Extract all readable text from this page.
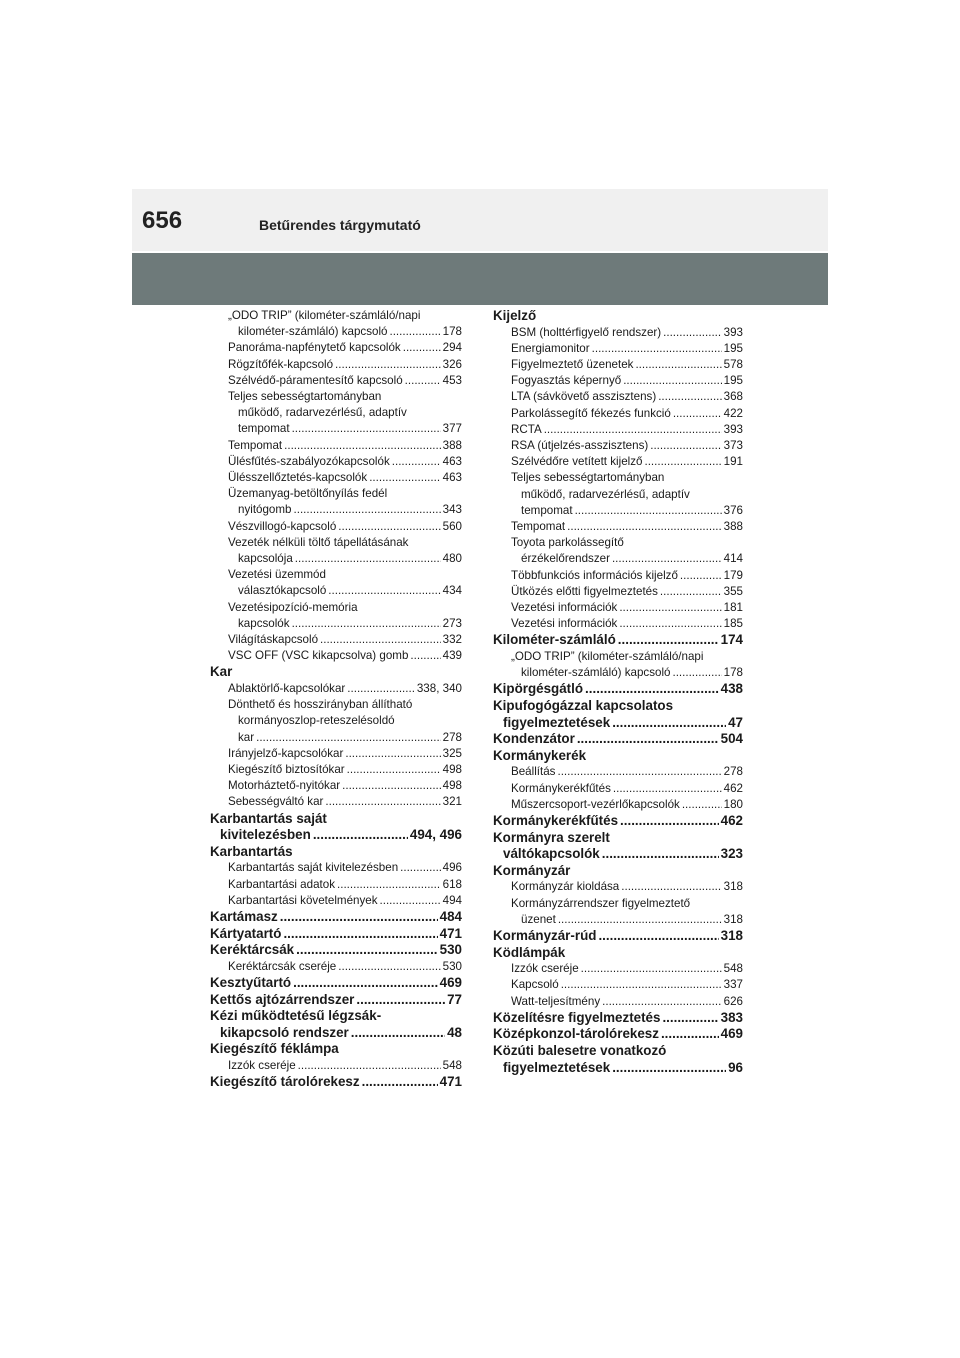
656	Betűrendes tárgymutató
„ODO TRIP” (kilométer-számláló/napi
kilométer-számláló) kapcsoló .....	178
Panoráma-napfénytető kapcsolók .....	294
Rögzítőfék-kapcsoló .....	326
Szélvédő-páramentesítő kapcsoló .....	453
Teljes sebességtartományban
működő, radarvezérlésű, adaptív
tempomat .....	377
Tempomat .....	388
Ülésfűtés-szabályozókapcsolók .....	463
Ülésszellőztetés-kapcsolók .....	463
Üzemanyag-betöltőnyílás fedél
nyitógomb .....	343
Vészvillogó-kapcsoló .....	560
Vezeték nélküli töltő tápellátásának
kapcsolója .....	480
Vezetési üzemmód
választókapcsoló .....	434
Vezetésipozíció-memória
kapcsolók .....	273
Világításkapcsoló .....	332
VSC OFF (VSC kikapcsolva) gomb .....	439
Kar
Ablaktörlő-kapcsolókar .....	338, 340
Dönthető és hosszirányban állítható
kormányoszlop-reteszelésoldó
kar .....	278
Irányjelző-kapcsolókar .....	325
Kiegészítő biztosítókar .....	498
Motorháztető-nyitókar .....	498
Sebességváltó kar .....	321
Karbantartás saját
kivitelezésben .....	494, 496
Karbantartás
Karbantartás saját kivitelezésben .....	496
Karbantartási adatok .....	618
Karbantartási követelmények .....	494
Kartámasz .....	484
Kártyatartó .....	471
Keréktárcsák .....	530
Keréktárcsák cseréje .....	530
Kesztyűtartó .....	469
Kettős ajtózárrendszer .....	77
Kézi működtetésű légzsák-
kikapcsoló rendszer .....	48
Kiegészítő féklámpa
Izzók cseréje .....	548
Kiegészítő tárolórekesz .....	471
Kijelző
BSM (holttérfigyelő rendszer) .....	393
Energiamonitor .....	195
Figyelmeztető üzenetek .....	578
Fogyasztás képernyő .....	195
LTA (sávkövető asszisztens) .....	368
Parkolássegítő fékezés funkció .....	422
RCTA .....	393
RSA (útjelzés-asszisztens) .....	373
Szélvédőre vetített kijelző .....	191
Teljes sebességtartományban
működő, radarvezérlésű, adaptív
tempomat .....	376
Tempomat .....	388
Toyota parkolássegítő
érzékelőrendszer .....	414
Többfunkciós információs kijelző .....	179
Ütközés előtti figyelmeztetés .....	355
Vezetési információk .....	181
Vezetési információk .....	185
Kilométer-számláló .....	174
„ODO TRIP” (kilométer-számláló/napi
kilométer-számláló) kapcsoló .....	178
Kipörgésgátló .....	438
Kipufogógázzal kapcsolatos
figyelmeztetések .....	47
Kondenzátor .....	504
Kormánykerék
Beállítás .....	278
Kormánykerékfűtés .....	462
Műszercsoport-vezérlőkapcsolók .....	180
Kormánykerékfűtés .....	462
Kormányra szerelt
váltókapcsolók .....	323
Kormányzár
Kormányzár kioldása .....	318
Kormányzárrendszer figyelmeztető
üzenet .....	318
Kormányzár-rúd .....	318
Ködlámpák
Izzók cseréje .....	548
Kapcsoló .....	337
Watt-teljesítmény .....	626
Közelítésre figyelmeztetés .....	383
Középkonzol-tárolórekesz .....	469
Közúti balesetre vonatkozó
figyelmeztetések .....	96
